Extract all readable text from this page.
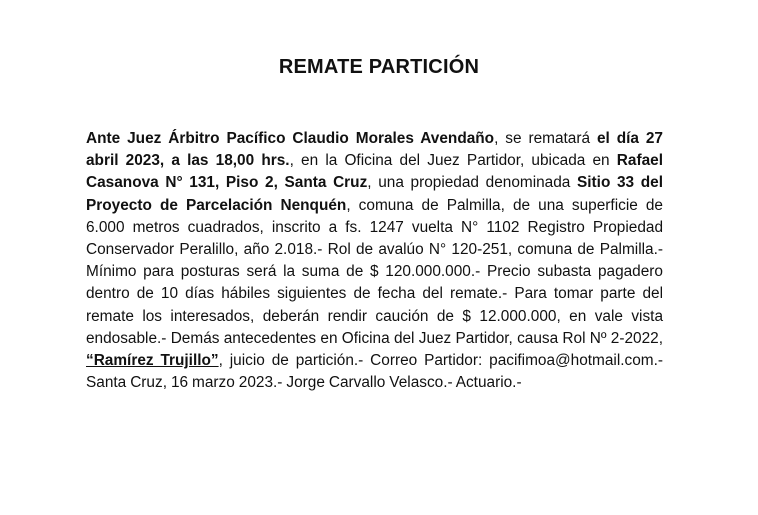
REMATE PARTICIÓN

Ante Juez Árbitro Pacífico Claudio Morales Avendaño, se rematará el día 27 abril 2023, a las 18,00 hrs., en la Oficina del Juez Partidor, ubicada en Rafael Casanova N° 131, Piso 2, Santa Cruz, una propiedad denominada Sitio 33 del Proyecto de Parcelación Nenquén, comuna de Palmilla, de una superficie de 6.000 metros cuadrados, inscrito a fs. 1247 vuelta N° 1102 Registro Propiedad Conservador Peralillo, año 2.018.- Rol de avalúo N° 120-251, comuna de Palmilla.- Mínimo para posturas será la suma de $ 120.000.000.- Precio subasta pagadero dentro de 10 días hábiles siguientes de fecha del remate.- Para tomar parte del remate los interesados, deberán rendir caución de $ 12.000.000, en vale vista endosable.- Demás antecedentes en Oficina del Juez Partidor, causa Rol Nº 2-2022, “Ramírez Trujillo”, juicio de partición.- Correo Partidor: pacifimoa@hotmail.com.- Santa Cruz, 16 marzo 2023.- Jorge Carvallo Velasco.- Actuario.-
